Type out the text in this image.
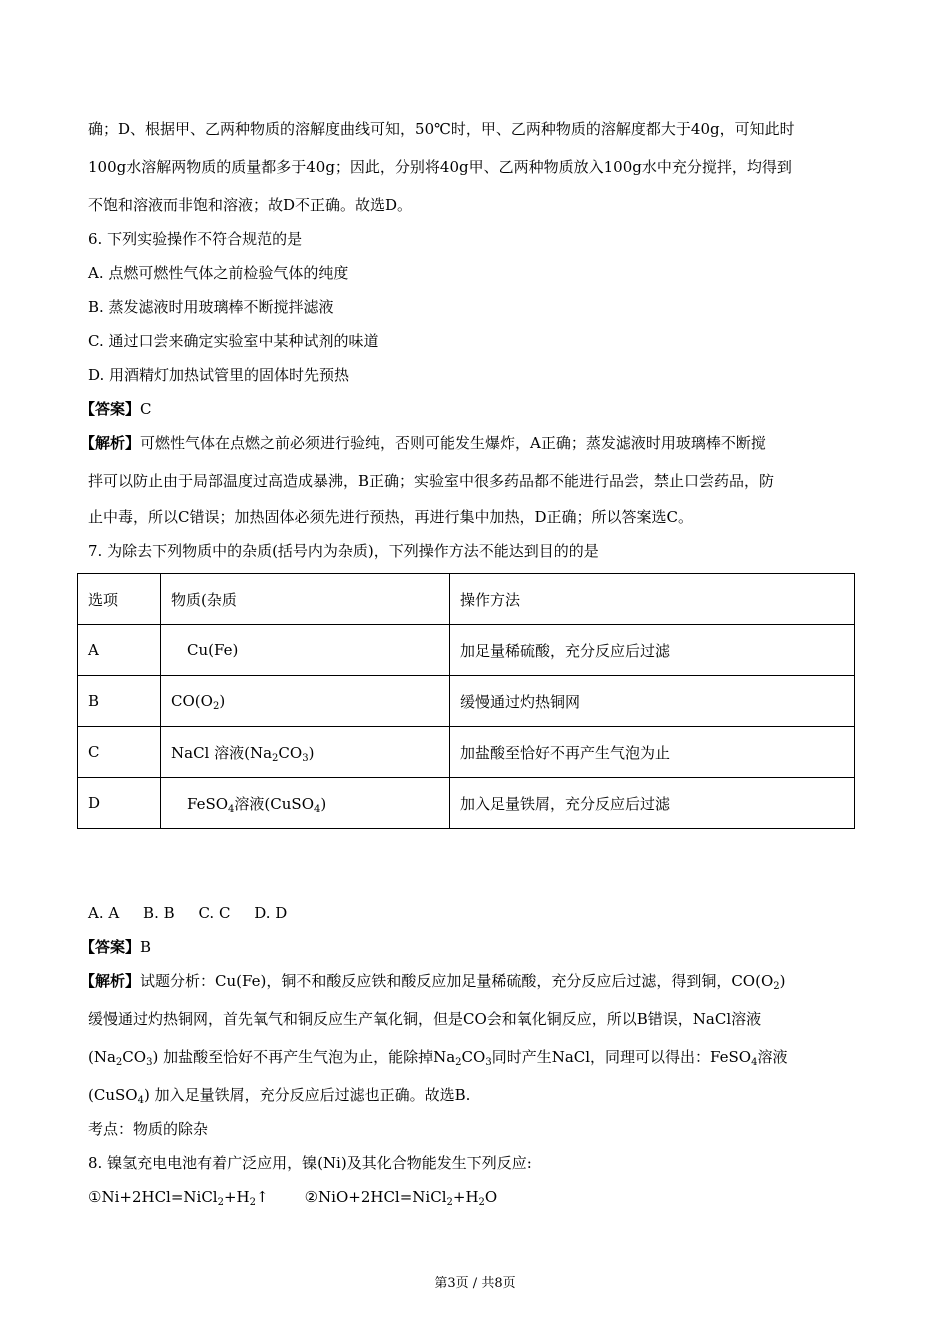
确；D、根据甲、乙两种物质的溶解度曲线可知，50℃时，甲、乙两种物质的溶解度都大于40g，可知此时
100g水溶解两物质的质量都多于40g；因此，分别将40g甲、乙两种物质放入100g水中充分搅拌，均得到
不饱和溶液而非饱和溶液；故D不正确。故选D。
6. 下列实验操作不符合规范的是
A. 点燃可燃性气体之前检验气体的纯度
B. 蒸发滤液时用玻璃棒不断搅拌滤液
C. 通过口尝来确定实验室中某种试剂的味道
D. 用酒精灯加热试管里的固体时先预热
【答案】C
【解析】可燃性气体在点燃之前必须进行验纯，否则可能发生爆炸，A正确；蒸发滤液时用玻璃棒不断搅
拌可以防止由于局部温度过高造成暴沸，B正确；实验室中很多药品都不能进行品尝，禁止口尝药品，防
止中毒，所以C错误；加热固体必须先进行预热，再进行集中加热，D正确；所以答案选C。
7. 为除去下列物质中的杂质(括号内为杂质)，下列操作方法不能达到目的的是
选项	物质(杂质	操作方法
A	Cu(Fe)	加足量稀硫酸，充分反应后过滤
B	$CO(O_2)$	缓慢通过灼热铜网
C	NaCl 溶液$(Na_2CO_3)$	加盐酸至恰好不再产生气泡为止
D	FeSO$_4$溶液(CuSO$_4$)	加入足量铁屑，充分反应后过滤
A. A     B. B     C. C     D. D
【答案】B
【解析】试题分析：Cu(Fe)，铜不和酸反应铁和酸反应加足量稀硫酸，充分反应后过滤，得到铜，$CO(O_2)$
缓慢通过灼热铜网，首先氧气和铜反应生产氧化铜，但是CO会和氧化铜反应，所以B错误，NaCl溶液
$(Na_2CO_3)$ 加盐酸至恰好不再产生气泡为止，能除掉$Na_2CO_3$同时产生NaCl，同理可以得出：FeSO$_4$溶液
(CuSO$_4$) 加入足量铁屑，充分反应后过滤也正确。故选B.
考点：物质的除杂
8. 镍氢充电电池有着广泛应用，镍(Ni)及其化合物能发生下列反应:
$①Ni+2HCl=NiCl_2+H_2↑$ $②NiO+2HCl=NiCl_2+H_2O$
第3页 / 共8页
